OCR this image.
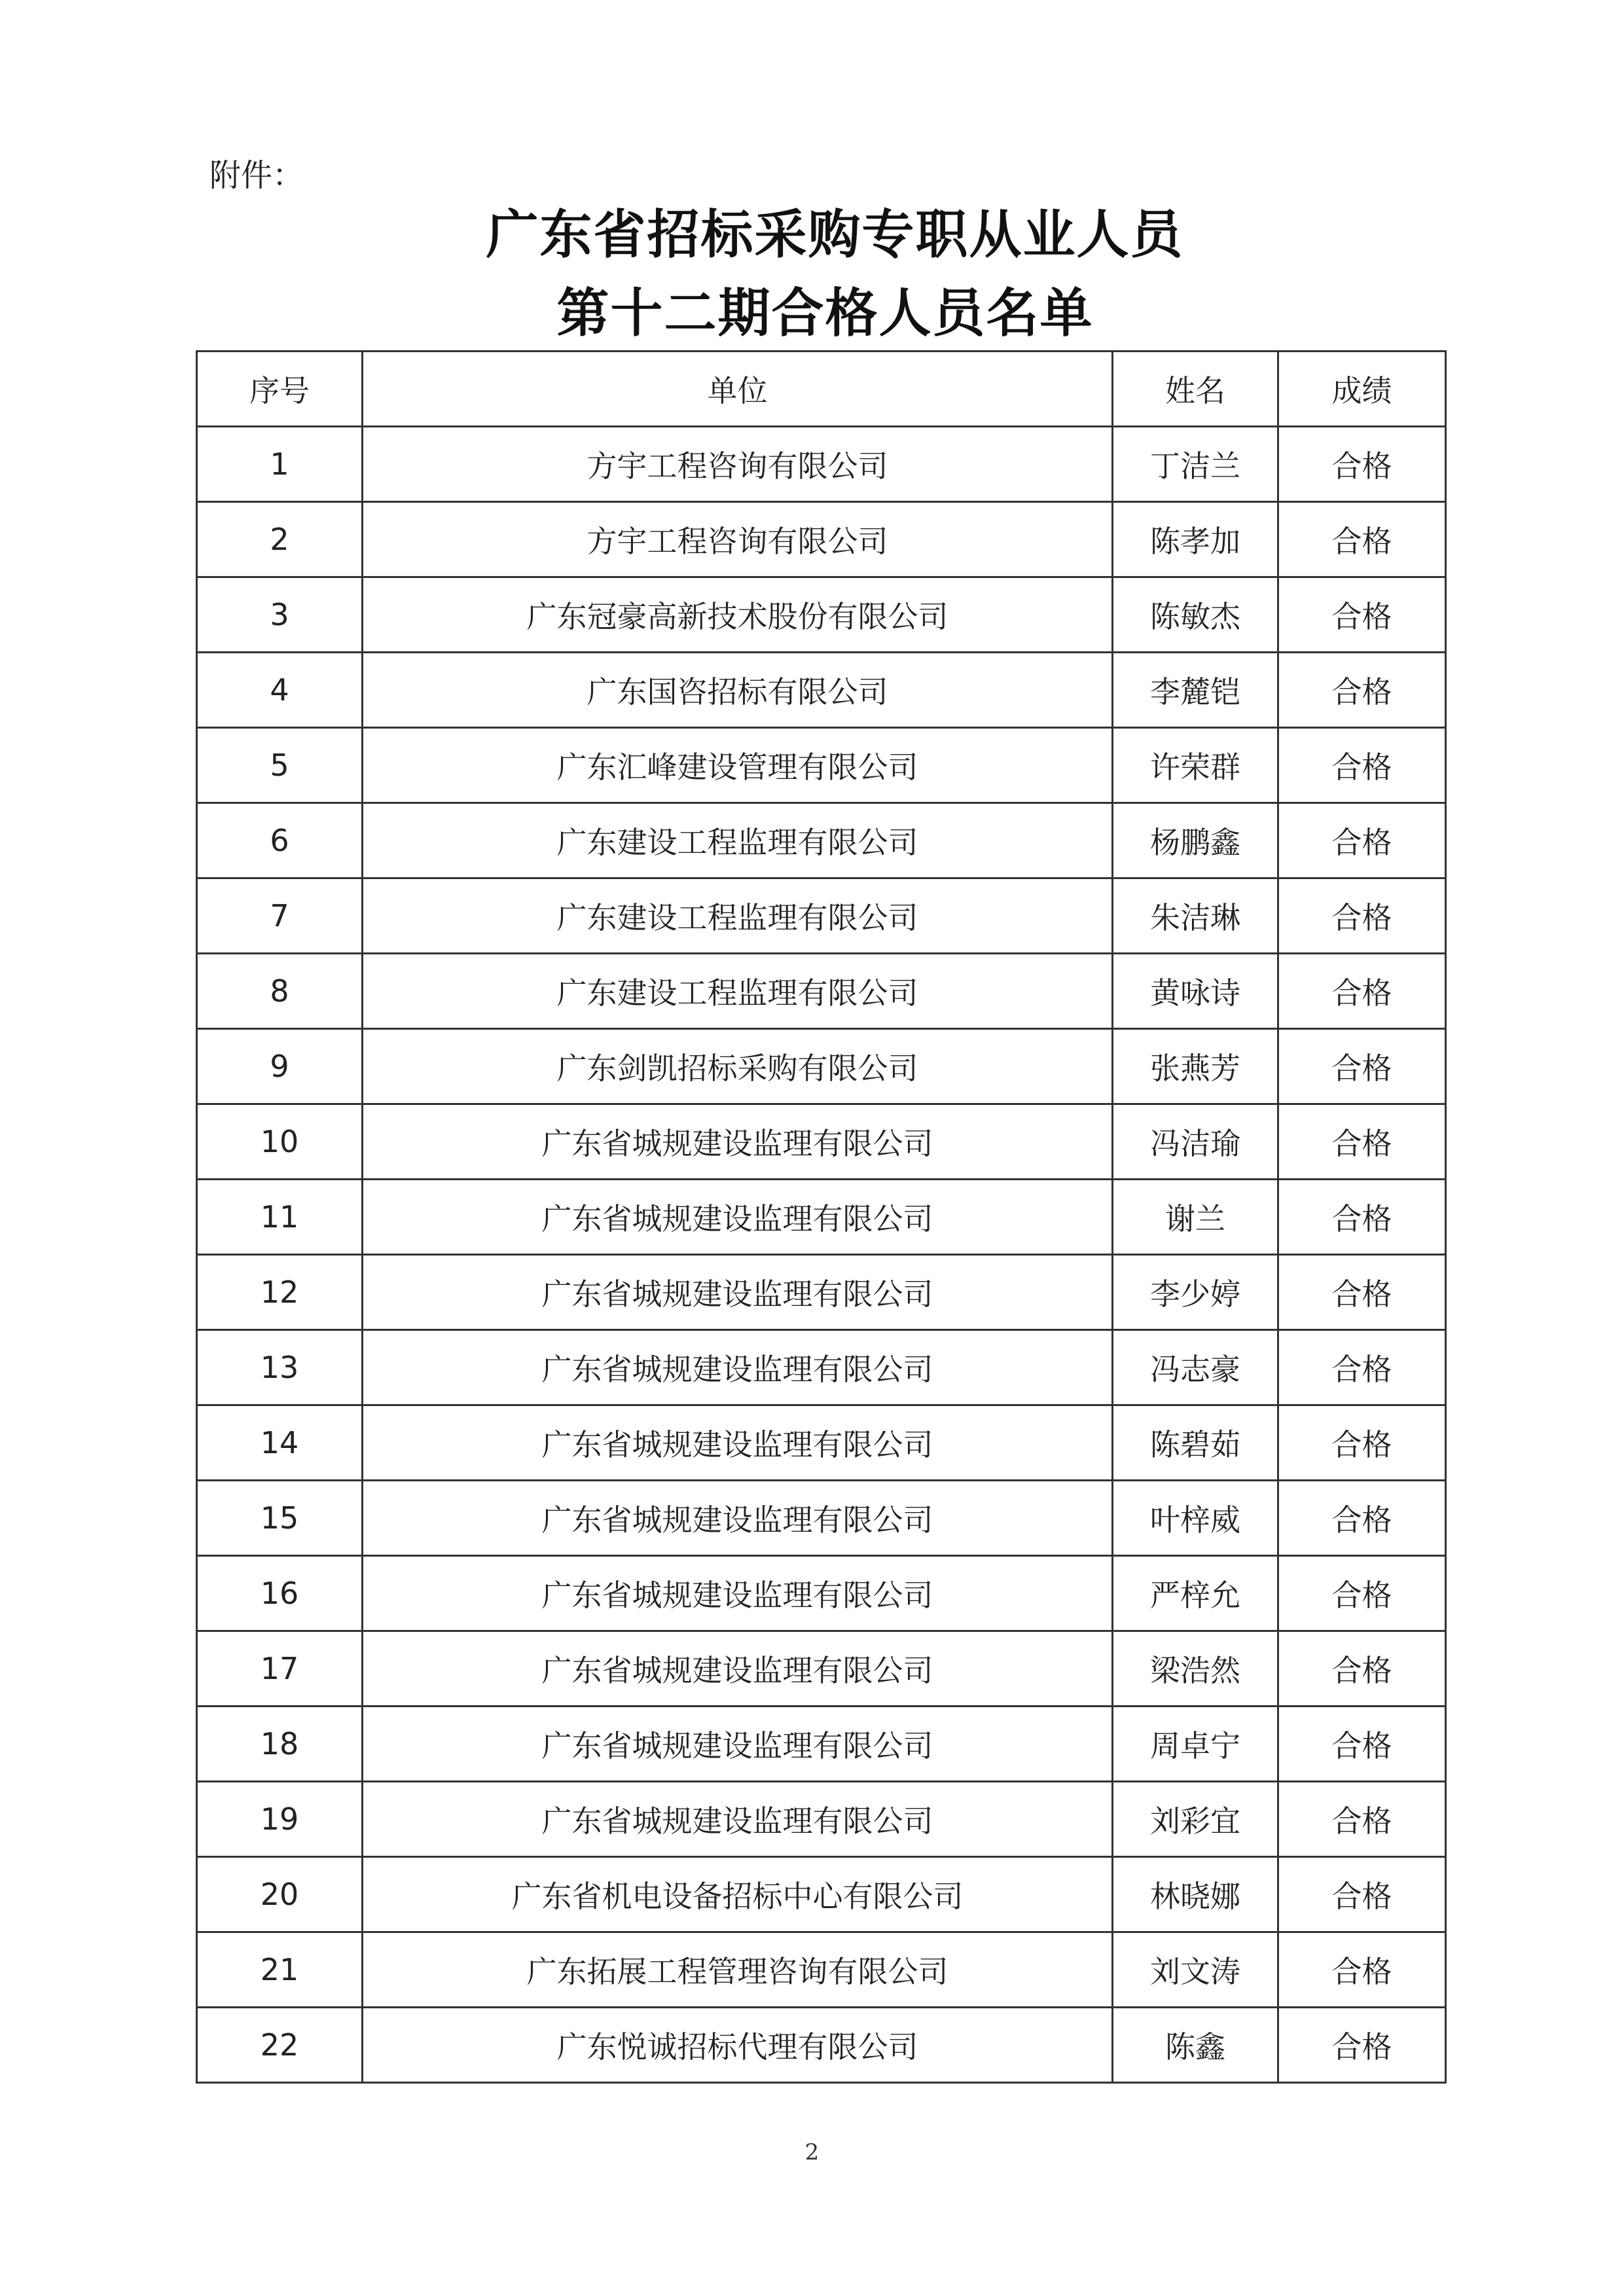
附件：
广东省招标采购专职从业人员
第十二期合格人员名单
序号	单位	姓名	成绩
1	方宇工程咨询有限公司	丁洁兰	合格
2	方宇工程咨询有限公司	陈孝加	合格
3	广东冠豪高新技术股份有限公司	陈敏杰	合格
4	广东国咨招标有限公司	李麓铠	合格
5	广东汇峰建设管理有限公司	许荣群	合格
6	广东建设工程监理有限公司	杨鹏鑫	合格
7	广东建设工程监理有限公司	朱洁琳	合格
8	广东建设工程监理有限公司	黄咏诗	合格
9	广东剑凯招标采购有限公司	张燕芳	合格
10	广东省城规建设监理有限公司	冯洁瑜	合格
11	广东省城规建设监理有限公司	谢兰	合格
12	广东省城规建设监理有限公司	李少婷	合格
13	广东省城规建设监理有限公司	冯志豪	合格
14	广东省城规建设监理有限公司	陈碧茹	合格
15	广东省城规建设监理有限公司	叶梓威	合格
16	广东省城规建设监理有限公司	严梓允	合格
17	广东省城规建设监理有限公司	梁浩然	合格
18	广东省城规建设监理有限公司	周卓宁	合格
19	广东省城规建设监理有限公司	刘彩宜	合格
20	广东省机电设备招标中心有限公司	林晓娜	合格
21	广东拓展工程管理咨询有限公司	刘文涛	合格
22	广东悦诚招标代理有限公司	陈鑫	合格
2
